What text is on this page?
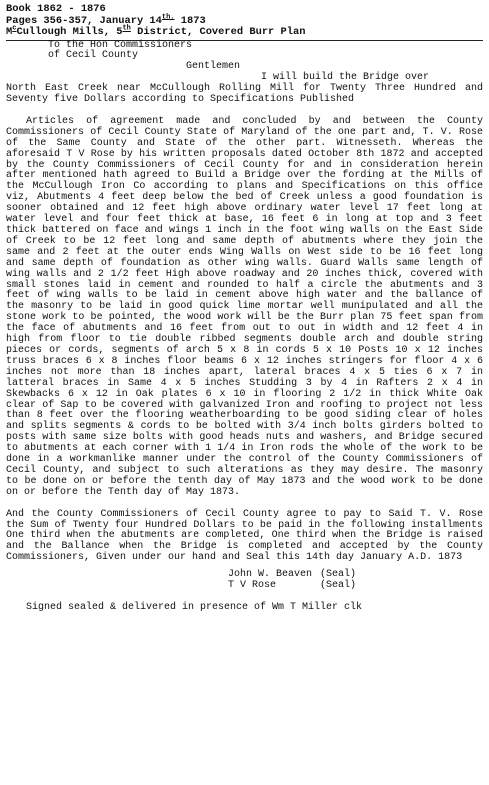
Book 1862 - 1876
Pages 356-357, January $14^{th.}$ 1873
$M^cCullough$ Mills, 5th District, Covered Burr Plan
To the Hon Commissioners
of Cecil County
Gentlemen
I will build the Bridge over

North East Creek near McCullough Rolling Mill for Twenty Three Hundred and Seventy five Dollars according to Specifications Published

Articles of agreement made and concluded by and between the County Commissioners of Cecil County State of Maryland of the one part and, T. V. Rose of the Same County and State of the other part. Witnesseth. Whereas the aforesaid T V Rose by his written proposals dated October 8th 1872 and accepted by the County Commissioners of Cecil County for and in consideration herein after mentioned hath agreed to Build a Bridge over the fording at the Mills of the McCullough Iron Co according to plans and Specifications on this office viz, Abutments 4 feet deep below the bed of Creek unless a good foundation is sooner obtained and 12 feet high above ordinary water level 17 feet long at water level and four feet thick at base, 16 feet 6 in long at top and 3 feet thick battered on face and wings 1 inch in the foot wing walls on the East Side of Creek to be 12 feet long and same depth of abutments where they join the same and 2 feet at the outer ends Wing Walls on West side to be 16 feet long and same depth of foundation as other wing walls. Guard Walls same length of wing walls and 2 1/2 feet High above roadway and 20 inches thick, covered with small stones laid in cement and rounded to half a circle the abutments and 3 feet of wing walls to be laid in cement above high water and the ballance of the masonry to be laid in good quick lime mortar well munipulated and all the stone work to be pointed, the wood work will be the Burr plan 75 feet span from the face of abutments and 16 feet from out to out in width and 12 feet 4 in high from floor to tie double ribbed segments double arch and double string pieces or cords, segments of arch 5 x 8 in cords 5 x 10 Posts 10 x 12 inches truss braces 6 x 8 inches floor beams 6 x 12 inches stringers for floor 4 x 6 inches not more than 18 inches apart, lateral braces 4 x 5 ties 6 x 7 in latteral braces in Same 4 x 5 inches Studding 3 by 4 in Rafters 2 x 4 in Skewbacks 6 x 12 in Oak plates 6 x 10 in flooring 2 1/2 in thick White Oak clear of Sap to be covered with galvanized Iron and roofing to project not less than 8 feet over the flooring weatherboarding to be good siding clear of holes and splits segments & cords to be bolted with 3/4 inch bolts girders bolted to posts with same size bolts with good heads nuts and washers, and Bridge secured to abutments at each corner with 1 1/4 in Iron rods the whole of the work to be done in a workmanlike manner under the control of the County Commissioners of Cecil County, and subject to such alterations as they may desire. The masonry to be done on or before the tenth day of May 1873 and the wood work to be done on or before the Tenth day of May 1873.

And the County Commissioners of Cecil County agree to pay to Said T. V. Rose the Sum of Twenty four Hundred Dollars to be paid in the following installments One third when the abutments are completed, One third when the Bridge is raised and the Ballance when the Bridge is completed and accepted by the County Commissioners, Given under our hand and Seal this 14th day January A.D. 1873

John W. Beaven (Seal)
T V Rose	(Seal)
Signed sealed & delivered in presence of Wm T Miller clk
